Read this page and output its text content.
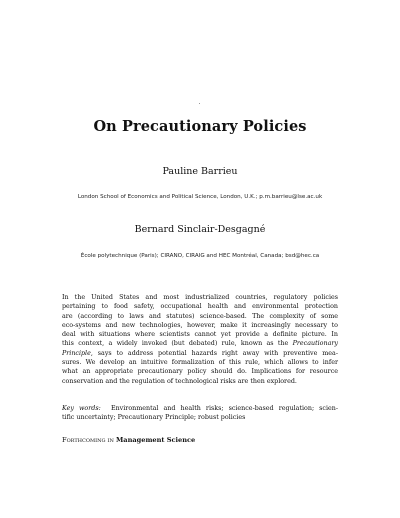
On Precautionary Policies
Pauline Barrieu
London School of Economics and Political Science, London, U.K.; p.m.barrieu@lse.ac.uk
Bernard Sinclair-Desgagné
École polytechnique (Paris); CIRANO, CIRAIG and HEC Montréal, Canada; bsd@hec.ca
In the United States and most industrialized countries, regulatory policies
pertaining to food safety, occupational health and environmental protection
are (according to laws and statutes) science-based. The complexity of some
eco-systems and new technologies, however, make it increasingly necessary to
deal with situations where scientists cannot yet provide a definite picture. In
this context, a widely invoked (but debated) rule, known as the Precautionary
Principle, says to address potential hazards right away with preventive mea-
sures. We develop an intuitive formalization of this rule, which allows to infer
what an appropriate precautionary policy should do. Implications for resource
conservation and the regulation of technological risks are then explored.
Key words: Environmental and health risks; science-based regulation; scien-
tific uncertainty; Precautionary Principle; robust policies
Forthcoming in Management Science
